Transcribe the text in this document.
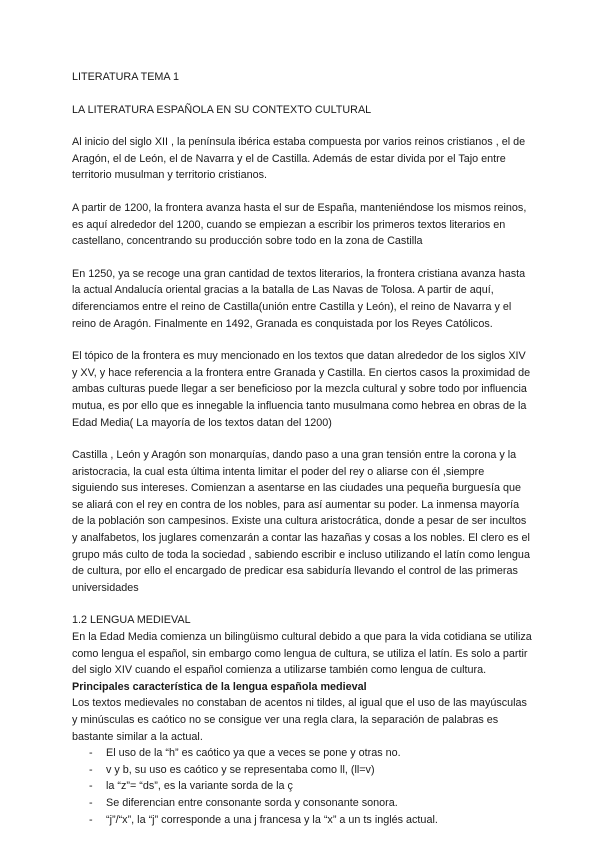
LITERATURA TEMA 1

LA LITERATURA ESPAÑOLA EN SU CONTEXTO CULTURAL

Al inicio del siglo XII , la península ibérica estaba compuesta por varios reinos cristianos , el de Aragón, el de León, el de Navarra y el de Castilla. Además de estar divida por el Tajo entre territorio musulman y territorio cristianos.

A partir de 1200, la frontera avanza hasta el sur de España, manteniéndose los mismos reinos, es aquí alrededor del 1200, cuando se empiezan a escribir los primeros textos literarios en castellano, concentrando su producción sobre todo en la zona de Castilla

En 1250, ya se recoge una gran cantidad de textos literarios, la frontera cristiana avanza hasta la actual Andalucía oriental gracias a la batalla de Las Navas de Tolosa. A partir de aquí, diferenciamos entre el reino de Castilla(unión entre Castilla y León), el reino de Navarra y el reino de Aragón. Finalmente en 1492, Granada es conquistada por los Reyes Católicos.

El tópico de la frontera es muy mencionado en los textos que datan alrededor de los siglos XIV y XV, y hace referencia a la frontera entre Granada y Castilla. En ciertos casos la proximidad de ambas culturas puede llegar a ser beneficioso por la mezcla cultural y sobre todo por influencia mutua, es por ello que es innegable la influencia tanto musulmana como hebrea en obras de la Edad Media( La mayoría de los textos datan del 1200)

Castilla , León y Aragón son monarquías, dando paso a una gran tensión entre la corona y la aristocracia, la cual esta última intenta limitar el poder del rey o aliarse con él ,siempre siguiendo sus intereses. Comienzan a asentarse en las ciudades una pequeña burguesía que se aliará con el rey en contra de los nobles, para así aumentar su poder. La inmensa mayoría de la población son campesinos. Existe una cultura aristocrática, donde a pesar de ser incultos y analfabetos, los juglares comenzarán a contar las hazañas y cosas a los nobles. El clero es el grupo más culto de toda la sociedad , sabiendo escribir e incluso utilizando el latín como lengua de cultura, por ello el encargado de predicar esa sabiduría llevando el control de las primeras universidades

1.2 LENGUA MEDIEVAL

En la Edad Media comienza un bilingüismo cultural debido a que para la vida cotidiana se utiliza como lengua el español, sin embargo como lengua de cultura, se utiliza el latín. Es solo a partir del siglo XIV cuando el español comienza a utilizarse también como lengua de cultura.

Principales característica de la lengua española medieval

Los textos medievales no constaban de acentos ni tildes, al igual que el uso de las mayúsculas y minúsculas es caótico no se consigue ver una regla clara, la separación de palabras es bastante similar a la actual.

- El uso de la “h” es caótico ya que a veces se pone y otras no.
- v y b, su uso es caótico y se representaba como ll, (ll=v)
- la “z”= “ds”, es la variante sorda de la ç
- Se diferencian entre consonante sorda y consonante sonora.
- “j”/“x”, la “j” corresponde a una j francesa y la “x” a un ts inglés actual.
